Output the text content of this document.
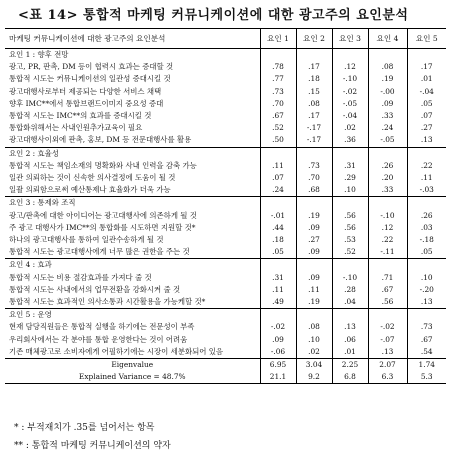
<표 14> 통합적 마케팅 커뮤니케이션에 대한 광고주의 요인분석
마케팅 커뮤니케이션에 대한 광고주의 요인분석	요인 1	요인 2	요인 3	요인 4	요인 5
요인 1 : 향후 전망					
광고, PR, 판촉, DM 등이 협력시 효과는 증대할 것	.78	.17	.12	.08	.17
통합적 시도는 커뮤니케이션의 일관성 증대시킬 것	.77	.18	-.10	.19	.01
광고대행사로부터 제공되는 다양한 서비스 채택	.73	.15	-.02	-.00	-.04
향후 IMC**에서 통합브랜드이미지 중요성 증대	.70	.08	-.05	.09	.05
통합적 시도는 IMC**의 효과를 증대시킬 것	.67	.17	-.04	.33	.07
통합화위해서는 사내인원추가교육이 필요	.52	-.17	.02	.24	.27
광고대행사이외에 판촉, 홍보, DM 등 전문대행사를 활용	.50	-.17	.36	-.05	.13
요인 2 : 효율성					
통합적 시도는 책임소재의 명확화와 사내 인력을 감축 가능	.11	.73	.31	.26	.22
일관 의뢰하는 것이 신속한 의사결정에 도움이 될 것	.07	.70	.29	.20	.11
일괄 의뢰함으로써 예산통제나 효율화가 더욱 가능	.24	.68	.10	.33	-.03
요인 3 : 통제와 조직					
광고/판촉에 대한 아이디어는 광고대행사에 의존하게 될 것	-.01	.19	.56	-.10	.26
주 광고 대행사가 IMC**의 통합화를 시도하면 지원할 것*	.44	.09	.56	.12	.03
하나의 광고대행사를 통하여 일관수송하게 될 것	.18	.27	.53	.22	-.18
통합적 시도는 광고대행사에게 너무 많은 권한을 주는 것	.05	.09	.52	-.11	.05
요인 4 : 효과					
통합적 시도는 비용 절감효과를 가져다 줄 것	.31	.09	-.10	.71	.10
통합적 시도는 사내에서의 업무전환을 강화시켜 줄 것	.11	.11	.28	.67	-.20
통합적 시도는 효과적인 의사소통과 시간활용을 가능케할 것*	.49	.19	.04	.56	.13
요인 5 : 운영					
현재 담당직원들은 통합적 실행을 하기에는 전문성이 부족	-.02	.08	.13	-.02	.73
우리회사에서는 각 분야를 통합 운영한다는 것이 어려움	.09	.10	.06	-.07	.67
기존 매체광고로 소비자에게 어필하기에는 시장이 세분화되어 있음	-.06	.02	.01	.13	.54
Eigenvalue	6.95	3.04	2.25	2.07	1.74
Explained Variance = 48.7%	21.1	9.2	6.8	6.3	5.3
* : 부적재치가 .35를 넘어서는 항목
** : 통합적 마케팅 커뮤니케이션의 약자
